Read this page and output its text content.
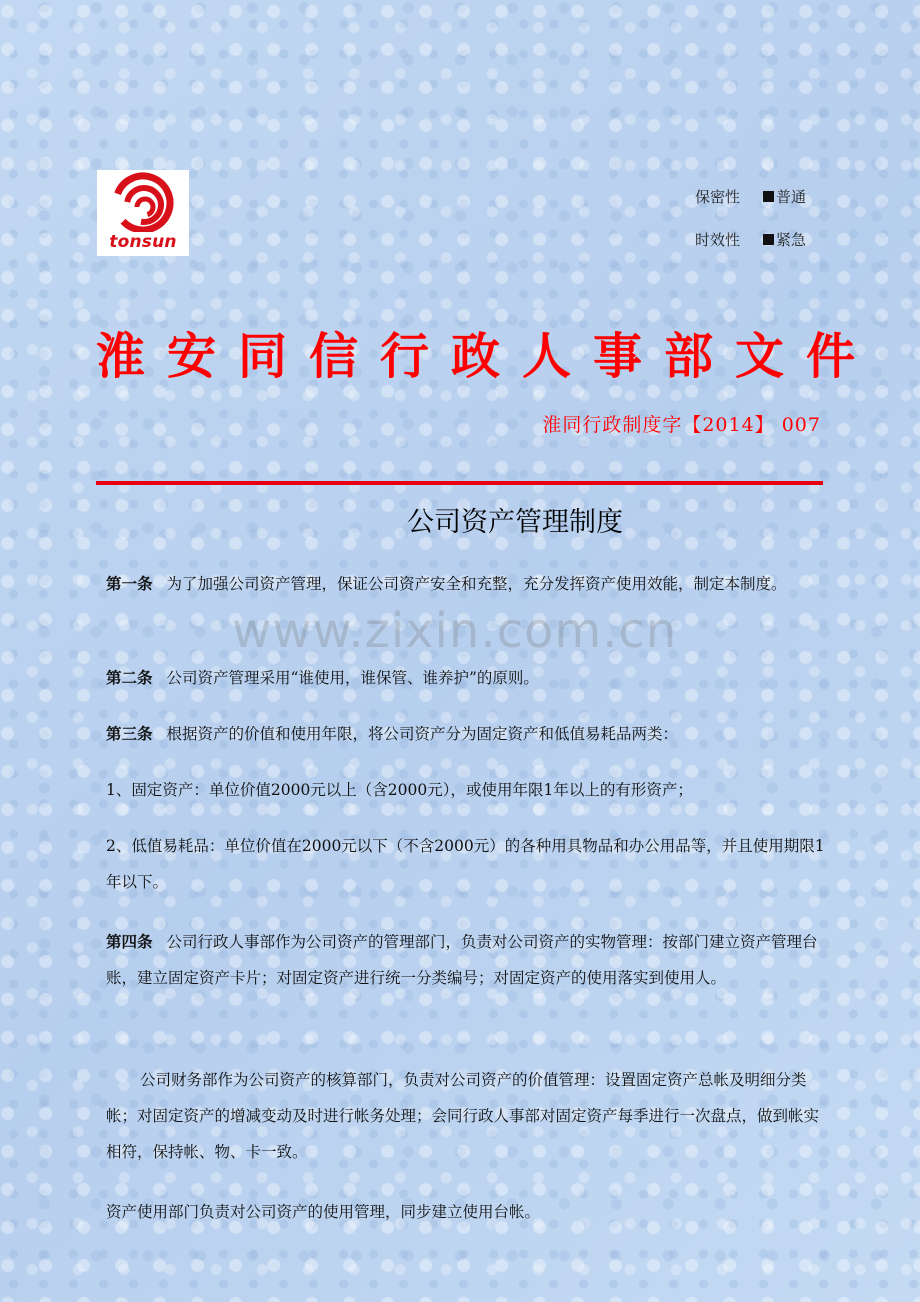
tonsun
保密性 普通
时效性 紧急
淮安同信行政人事部文件
淮同行政制度字【2014】 007
公司资产管理制度
www.zixin.com.cn
第一条 为了加强公司资产管理，保证公司资产安全和充整，充分发挥资产使用效能，制定本制度。
第二条 公司资产管理采用“谁使用，谁保管、谁养护”的原则。
第三条 根据资产的价值和使用年限，将公司资产分为固定资产和低值易耗品两类：
1、固定资产：单位价值2000元以上（含2000元），或使用年限1年以上的有形资产；
2、低值易耗品：单位价值在2000元以下（不含2000元）的各种用具物品和办公用品等，并且使用期限1年以下。
第四条 公司行政人事部作为公司资产的管理部门，负责对公司资产的实物管理：按部门建立资产管理台账，建立固定资产卡片；对固定资产进行统一分类编号；对固定资产的使用落实到使用人。
公司财务部作为公司资产的核算部门，负责对公司资产的价值管理：设置固定资产总帐及明细分类帐；对固定资产的增减变动及时进行帐务处理；会同行政人事部对固定资产每季进行一次盘点，做到帐实相符，保持帐、物、卡一致。
资产使用部门负责对公司资产的使用管理，同步建立使用台帐。
